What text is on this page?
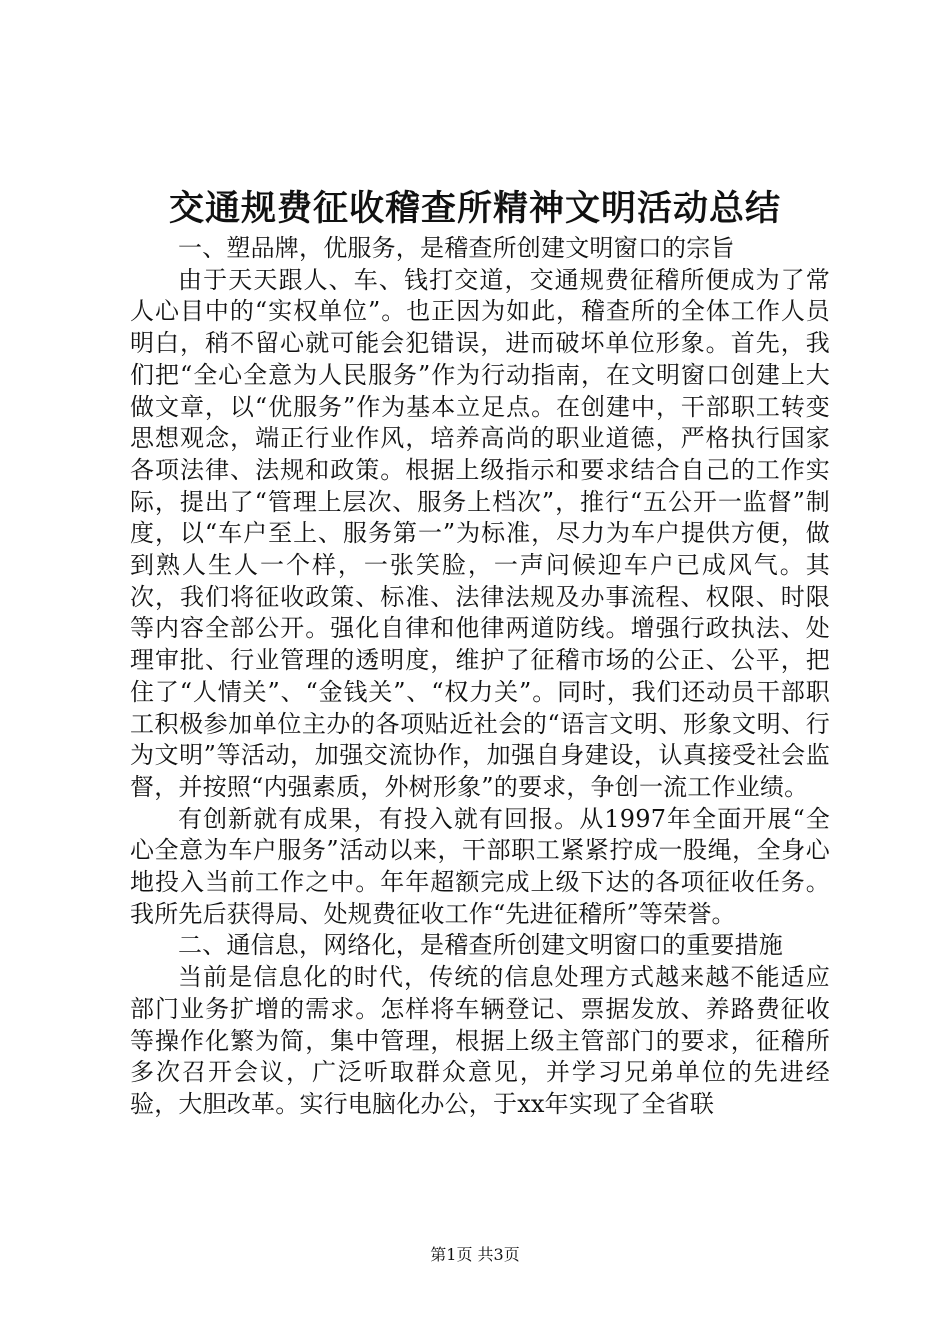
交通规费征收稽查所精神文明活动总结

一、塑品牌，优服务，是稽查所创建文明窗口的宗旨

由于天天跟人、车、钱打交道，交通规费征稽所便成为了常人心目中的“实权单位”。也正因为如此，稽查所的全体工作人员明白，稍不留心就可能会犯错误，进而破坏单位形象。首先，我们把“全心全意为人民服务”作为行动指南，在文明窗口创建上大做文章，以“优服务”作为基本立足点。在创建中，干部职工转变思想观念，端正行业作风，培养高尚的职业道德，严格执行国家各项法律、法规和政策。根据上级指示和要求结合自己的工作实际，提出了“管理上层次、服务上档次”，推行“五公开一监督”制度，以“车户至上、服务第一”为标准，尽力为车户提供方便，做到熟人生人一个样，一张笑脸，一声问候迎车户已成风气。其次，我们将征收政策、标准、法律法规及办事流程、权限、时限等内容全部公开。强化自律和他律两道防线。增强行政执法、处理审批、行业管理的透明度，维护了征稽市场的公正、公平，把住了“人情关”、“金钱关”、“权力关”。同时，我们还动员干部职工积极参加单位主办的各项贴近社会的“语言文明、形象文明、行为文明”等活动，加强交流协作，加强自身建设，认真接受社会监督，并按照“内强素质，外树形象”的要求，争创一流工作业绩。

有创新就有成果，有投入就有回报。从1997年全面开展“全心全意为车户服务”活动以来，干部职工紧紧拧成一股绳，全身心地投入当前工作之中。年年超额完成上级下达的各项征收任务。我所先后获得局、处规费征收工作“先进征稽所”等荣誉。

二、通信息，网络化，是稽查所创建文明窗口的重要措施

当前是信息化的时代，传统的信息处理方式越来越不能适应部门业务扩增的需求。怎样将车辆登记、票据发放、养路费征收等操作化繁为简，集中管理，根据上级主管部门的要求，征稽所多次召开会议，广泛听取群众意见，并学习兄弟单位的先进经验，大胆改革。实行电脑化办公，于xx年实现了全省联

第1页 共3页
